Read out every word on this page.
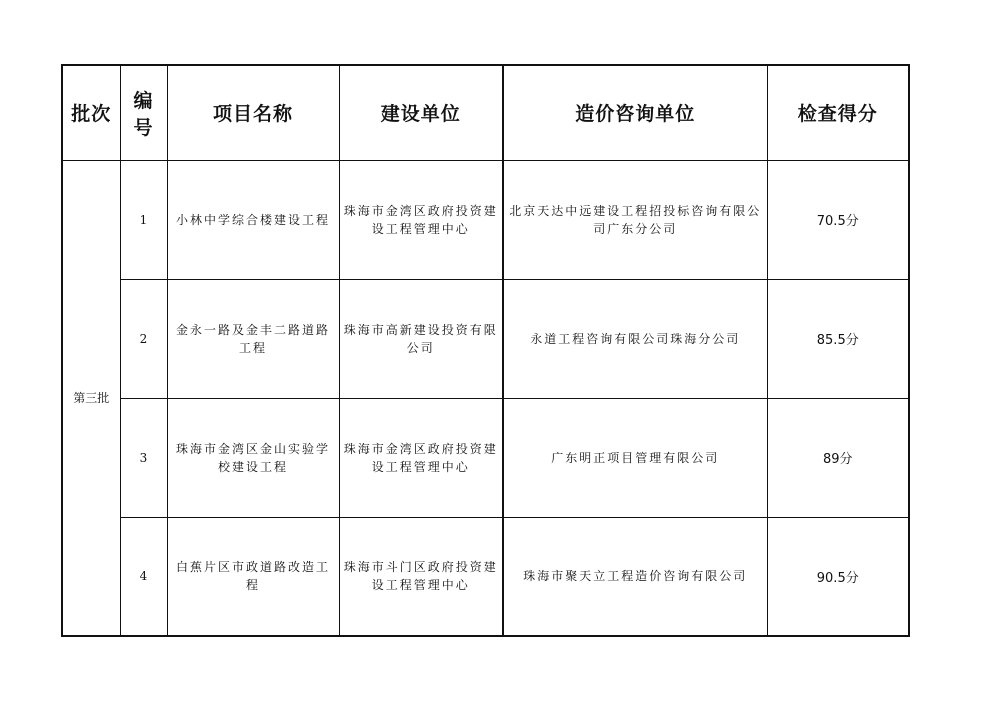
批次	编号	项目名称	建设单位	造价咨询单位	检查得分
第三批	1	小林中学综合楼建设工程	珠海市金湾区政府投资建设工程管理中心	北京天达中远建设工程招投标咨询有限公司广东分公司	70.5分
	2	金永一路及金丰二路道路工程	珠海市高新建设投资有限公司	永道工程咨询有限公司珠海分公司	85.5分
	3	珠海市金湾区金山实验学校建设工程	珠海市金湾区政府投资建设工程管理中心	广东明正项目管理有限公司	89分
	4	白蕉片区市政道路改造工程	珠海市斗门区政府投资建设工程管理中心	珠海市聚天立工程造价咨询有限公司	90.5分
